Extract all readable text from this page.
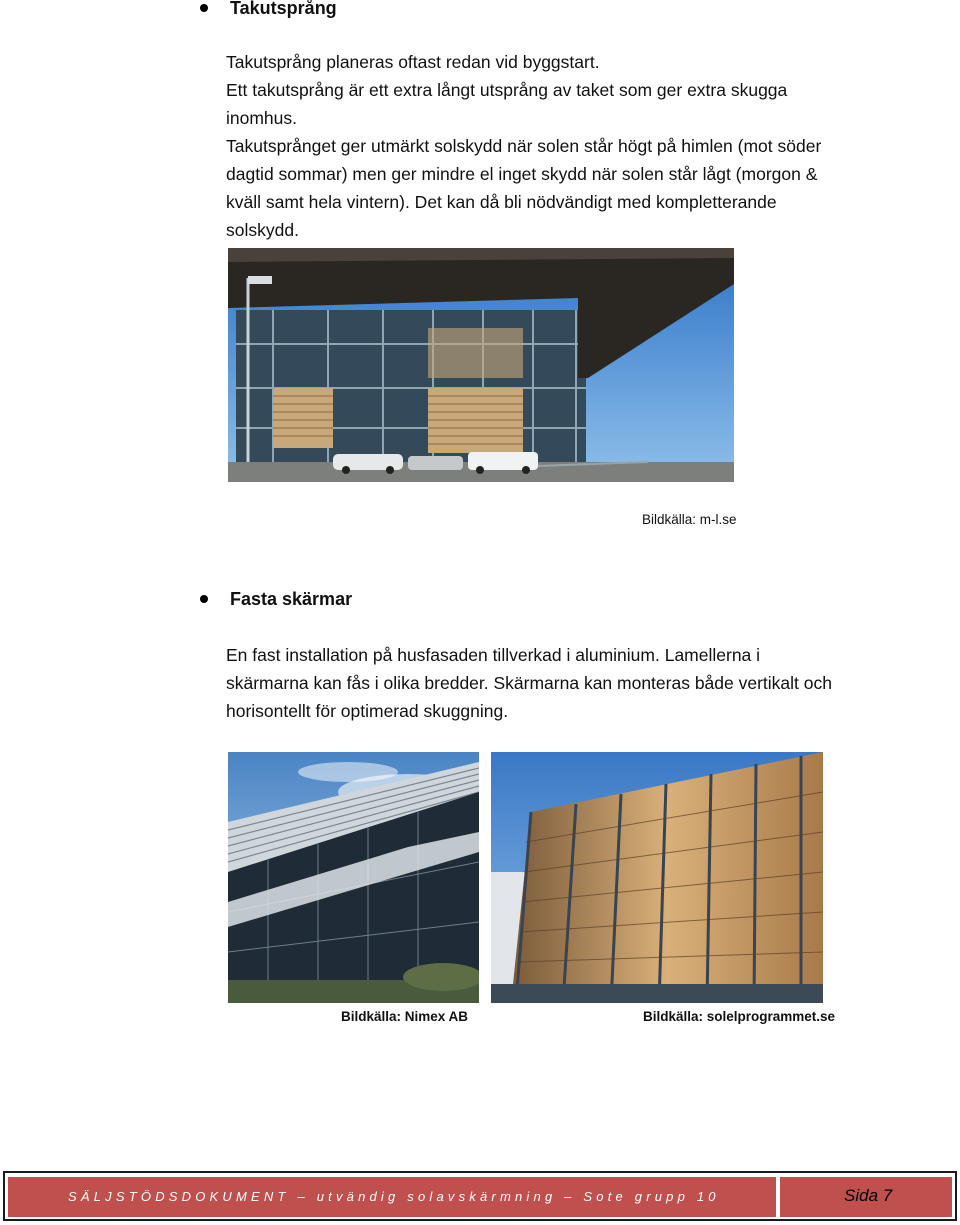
Takutsprång
Takutsprång planeras oftast redan vid byggstart.
Ett takutsprång är ett extra långt utsprång av taket som ger extra skugga
inomhus.
Takutsprånget ger utmärkt solskydd när solen står högt på himlen (mot söder
dagtid sommar) men ger mindre el inget skydd när solen står lågt (morgon &
kväll samt hela vintern). Det kan då bli nödvändigt med kompletterande
solskydd.
Bildkälla: m-l.se
Fasta skärmar
En fast installation på husfasaden tillverkad i aluminium. Lamellerna i
skärmarna kan fås i olika bredder. Skärmarna kan monteras både vertikalt och
horisontellt för optimerad skuggning.
Bildkälla: Nimex AB	Bildkälla: solelprogrammet.se
SÄLJSTÖDSDOKUMENT – utvändig solavskärmning – Sote grupp 10	Sida 7
